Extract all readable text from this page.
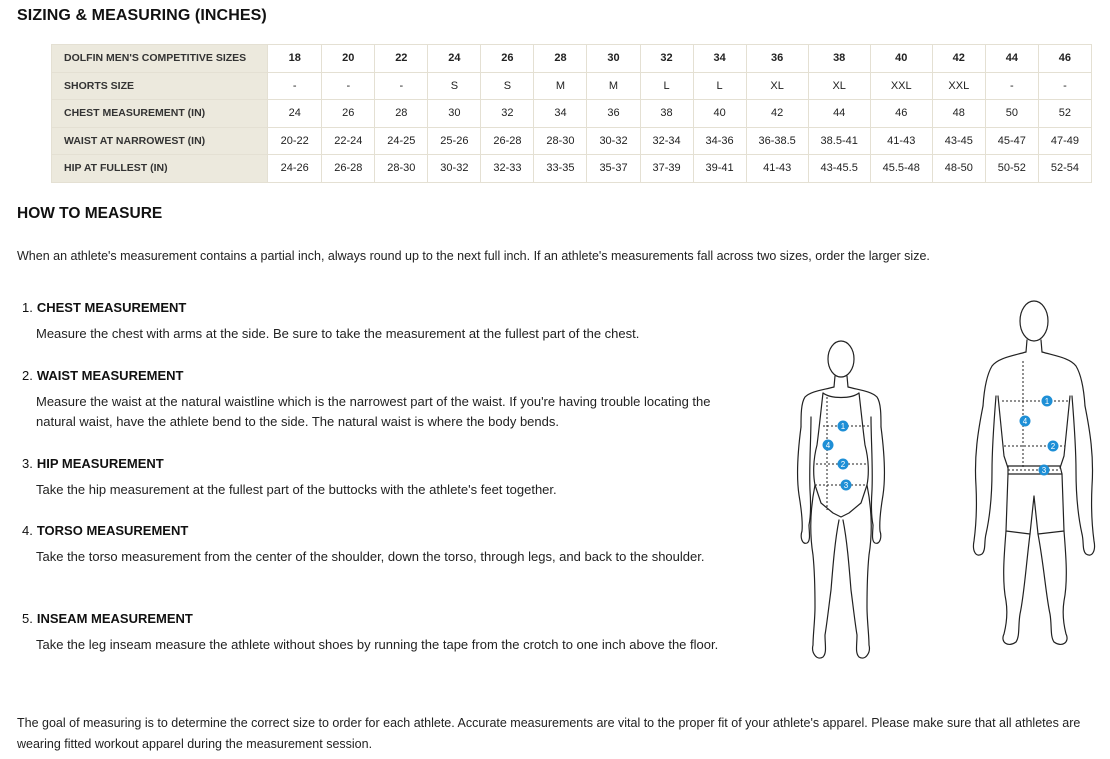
SIZING & MEASURING (INCHES)
DOLFIN MEN'S COMPETITIVE SIZES	18	20	22	24	26	28	30	32	34	36	38	40	42	44	46
SHORTS SIZE	-	-	-	S	S	M	M	L	L	XL	XL	XXL	XXL	-	-
CHEST MEASUREMENT (IN)	24	26	28	30	32	34	36	38	40	42	44	46	48	50	52
WAIST AT NARROWEST (IN)	20-22	22-24	24-25	25-26	26-28	28-30	30-32	32-34	34-36	36-38.5	38.5-41	41-43	43-45	45-47	47-49
HIP AT FULLEST (IN)	24-26	26-28	28-30	30-32	32-33	33-35	35-37	37-39	39-41	41-43	43-45.5	45.5-48	48-50	50-52	52-54
HOW TO MEASURE
When an athlete's measurement contains a partial inch, always round up to the next full inch. If an athlete's measurements fall across two sizes, order the larger size.
1. CHEST MEASUREMENT
Measure the chest with arms at the side. Be sure to take the measurement at the fullest part of the chest.
2. WAIST MEASUREMENT
Measure the waist at the natural waistline which is the narrowest part of the waist. If you're having trouble locating the natural waist, have the athlete bend to the side. The natural waist is where the body bends.
3. HIP MEASUREMENT
Take the hip measurement at the fullest part of the buttocks with the athlete's feet together.
4. TORSO MEASUREMENT
Take the torso measurement from the center of the shoulder, down the torso, through legs, and back to the shoulder.
5. INSEAM MEASUREMENT
Take the leg inseam measure the athlete without shoes by running the tape from the crotch to one inch above the floor.
1
4
2
3
1
4
2
3
The goal of measuring is to determine the correct size to order for each athlete. Accurate measurements are vital to the proper fit of your athlete's apparel. Please make sure that all athletes are wearing fitted workout apparel during the measurement session.
